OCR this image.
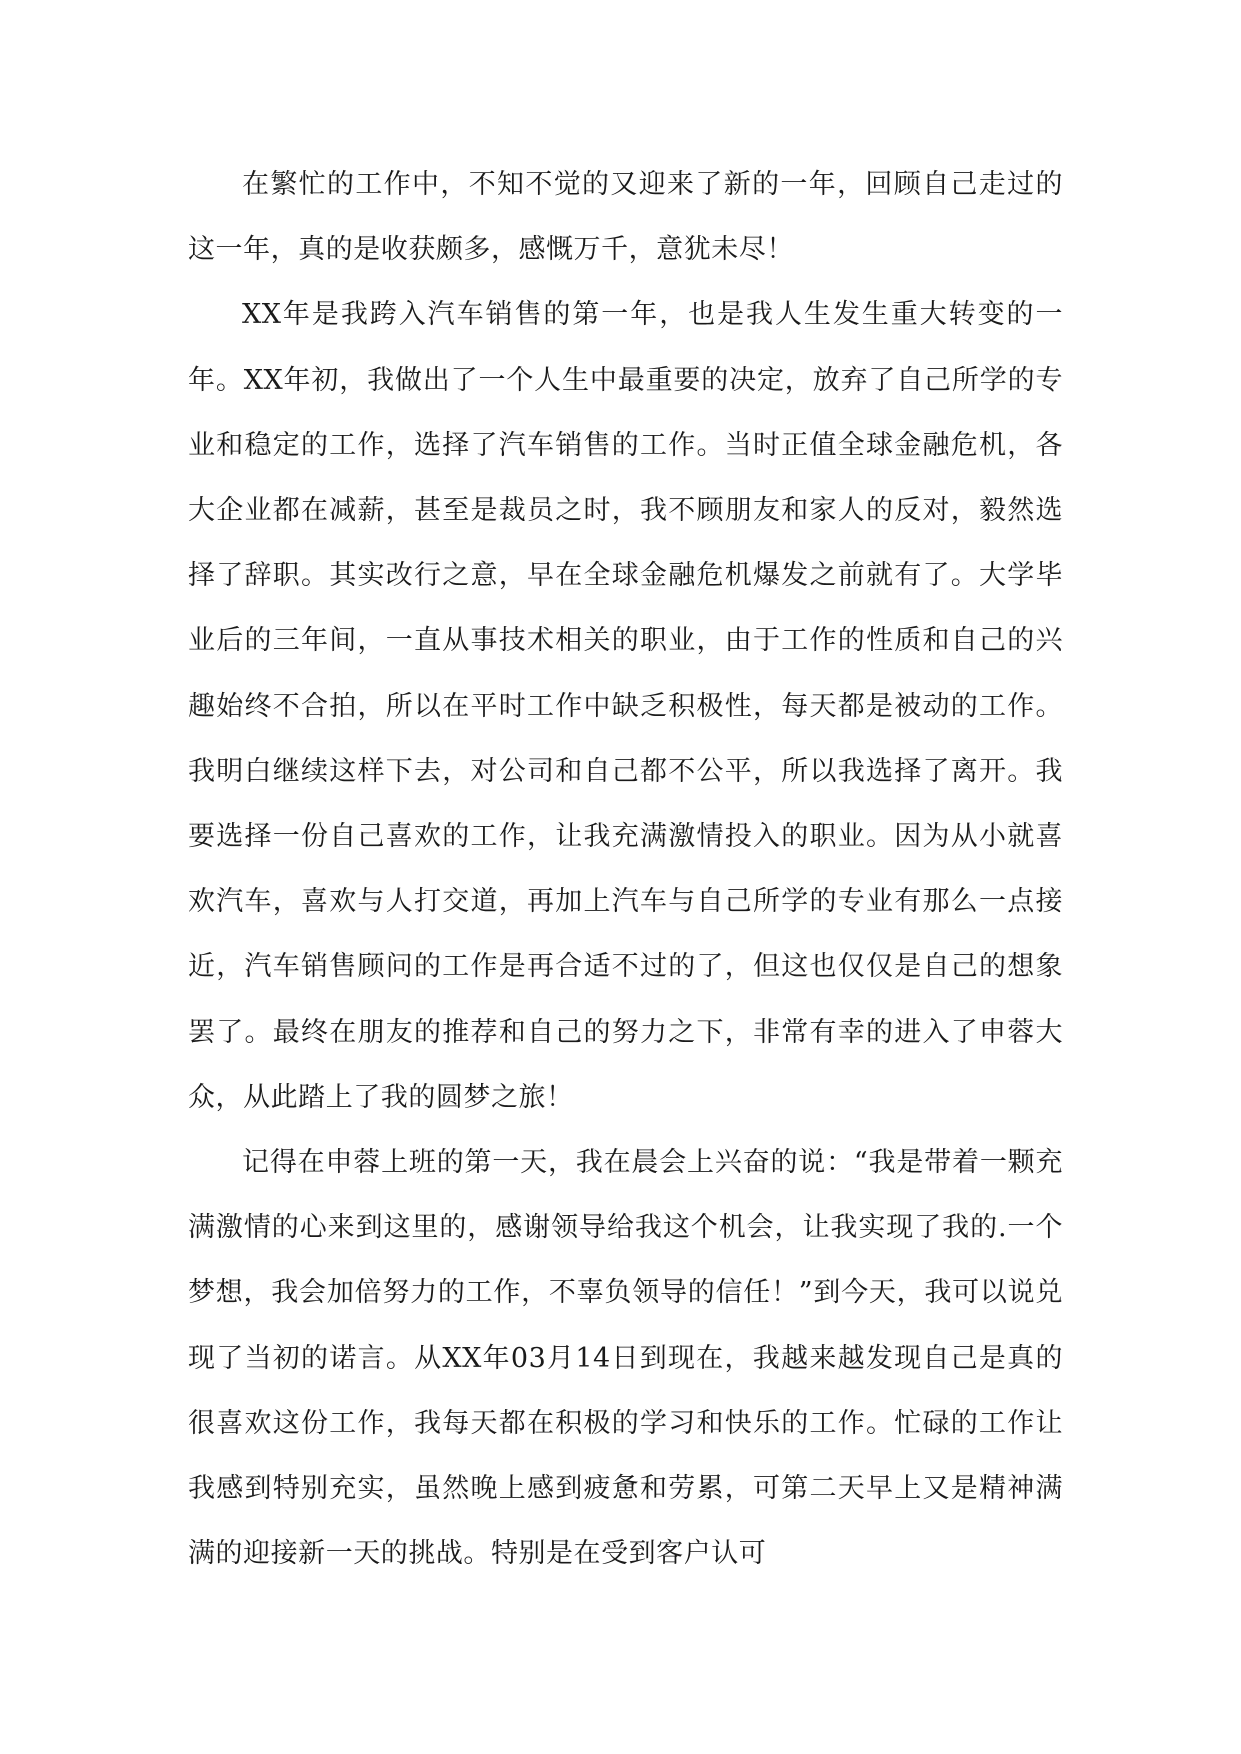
在繁忙的工作中，不知不觉的又迎来了新的一年，回顾自己走过的这一年，真的是收获颇多，感慨万千，意犹未尽！

XX年是我跨入汽车销售的第一年，也是我人生发生重大转变的一年。XX年初，我做出了一个人生中最重要的决定，放弃了自己所学的专业和稳定的工作，选择了汽车销售的工作。当时正值全球金融危机，各大企业都在减薪，甚至是裁员之时，我不顾朋友和家人的反对，毅然选择了辞职。其实改行之意，早在全球金融危机爆发之前就有了。大学毕业后的三年间，一直从事技术相关的职业，由于工作的性质和自己的兴趣始终不合拍，所以在平时工作中缺乏积极性，每天都是被动的工作。我明白继续这样下去，对公司和自己都不公平，所以我选择了离开。我要选择一份自己喜欢的工作，让我充满激情投入的职业。因为从小就喜欢汽车，喜欢与人打交道，再加上汽车与自己所学的专业有那么一点接近，汽车销售顾问的工作是再合适不过的了，但这也仅仅是自己的想象罢了。最终在朋友的推荐和自己的努力之下，非常有幸的进入了申蓉大众，从此踏上了我的圆梦之旅！

记得在申蓉上班的第一天，我在晨会上兴奋的说：“我是带着一颗充满激情的心来到这里的，感谢领导给我这个机会，让我实现了我的.一个梦想，我会加倍努力的工作，不辜负领导的信任！”到今天，我可以说兑现了当初的诺言。从XX年03月14日到现在，我越来越发现自己是真的很喜欢这份工作，我每天都在积极的学习和快乐的工作。忙碌的工作让我感到特别充实，虽然晚上感到疲惫和劳累，可第二天早上又是精神满满的迎接新一天的挑战。特别是在受到客户认可
